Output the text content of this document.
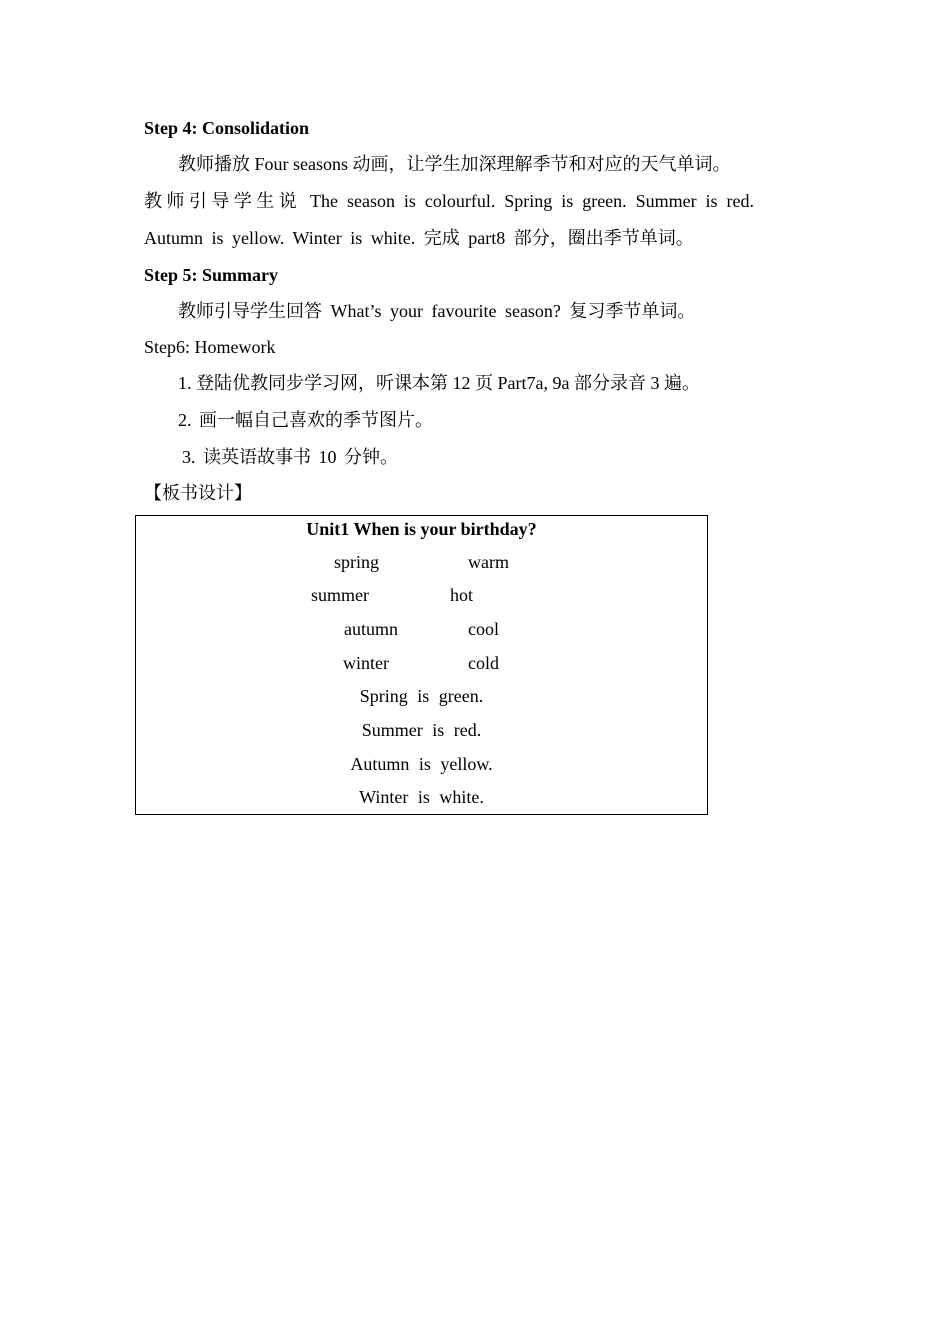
Step 4: Consolidation
教师播放 Four seasons 动画，让学生加深理解季节和对应的天气单词。
教师引导学生说 The season is colourful. Spring is green. Summer is red.
Autumn is yellow. Winter is white. 完成 part8 部分，圈出季节单词。
Step 5: Summary
教师引导学生回答 What’s your favourite season? 复习季节单词。
Step6: Homework
1. 登陆优教同步学习网，听课本第 12 页 Part7a, 9a 部分录音 3 遍。
2. 画一幅自己喜欢的季节图片。
3. 读英语故事书 10 分钟。
【板书设计】
Unit1 When is your birthday?
spring	warm
summer	hot
autumn	cool
winter	cold
Spring is green.
Summer is red.
Autumn is yellow.
Winter is white.
